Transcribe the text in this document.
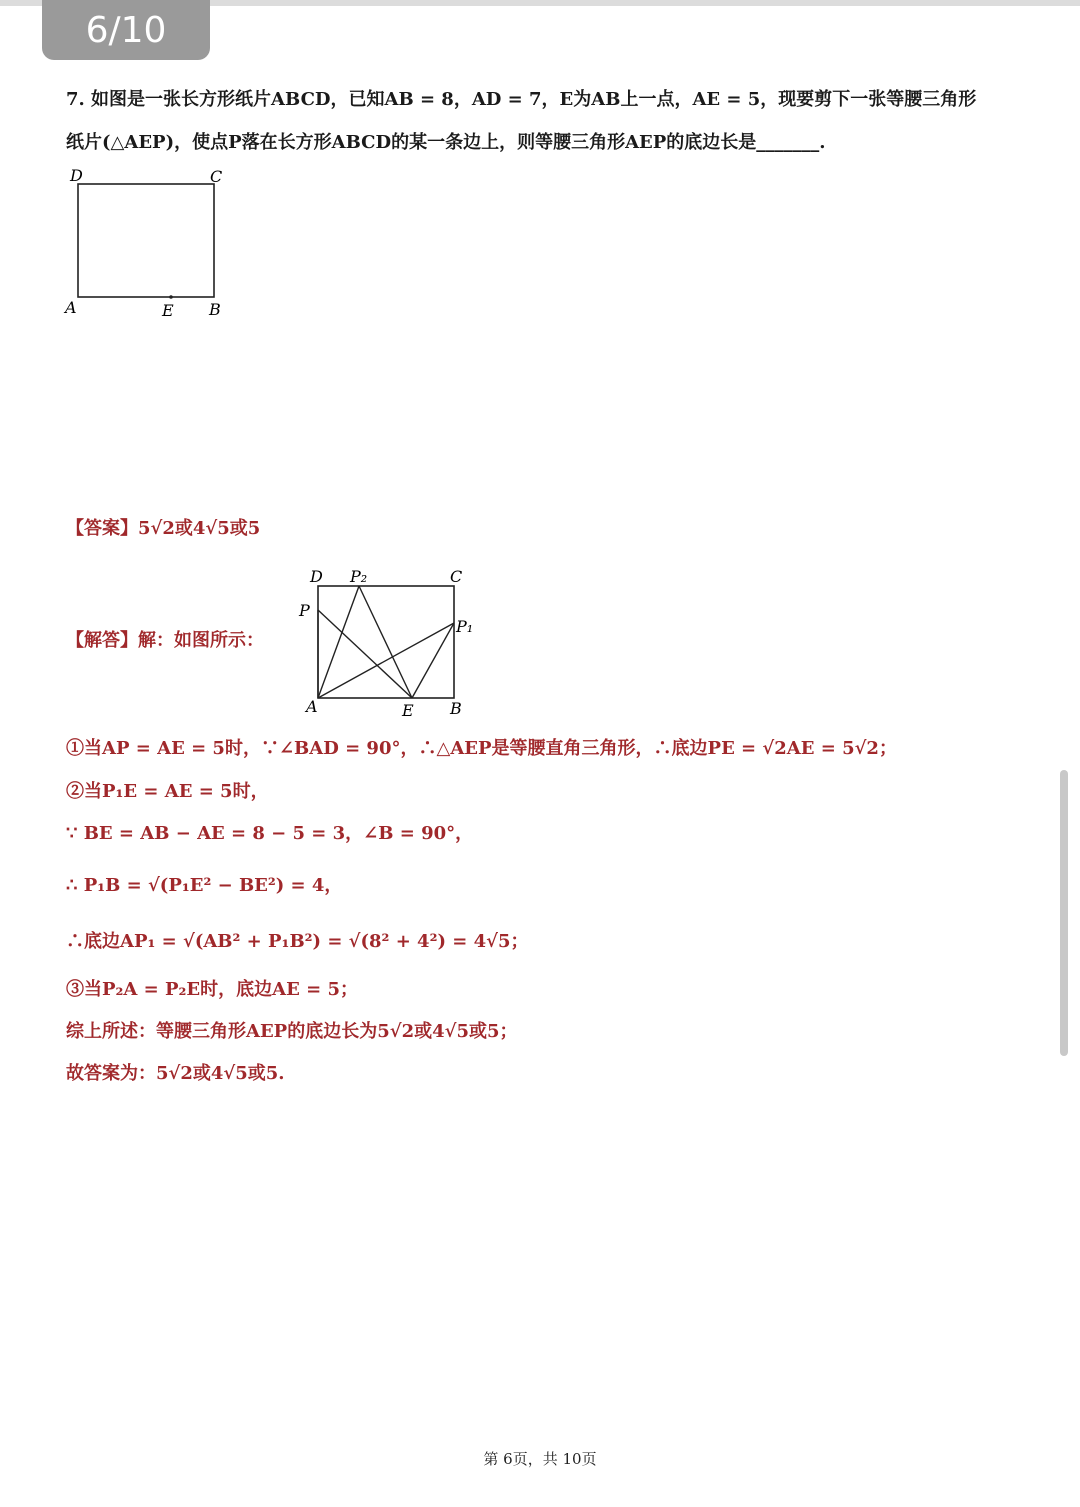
6/10

7. 如图是一张长方形纸片ABCD，已知AB = 8，AD = 7，E为AB上一点，AE = 5，现要剪下一张等腰三角形

纸片(△AEP)，使点P落在长方形ABCD的某一条边上，则等腰三角形AEP的底边长是_______.

D	C
A	E B
【答案】5√2或4√5或5
【解答】解：如图所示：
D P₂	C
P
P₁
A	E B
①当AP = AE = 5时，∵∠BAD = 90°，∴△AEP是等腰直角三角形，∴底边PE = √2AE = 5√2；
②当P₁E = AE = 5时，
∵ BE = AB − AE = 8 − 5 = 3，∠B = 90°，
∴ P₁B = √(P₁E² − BE²) = 4，
∴底边AP₁ = √(AB² + P₁B²) = √(8² + 4²) = 4√5；
③当P₂A = P₂E时，底边AE = 5；
综上所述：等腰三角形AEP的底边长为5√2或4√5或5；
故答案为：5√2或4√5或5.
第 6页，共 10页
